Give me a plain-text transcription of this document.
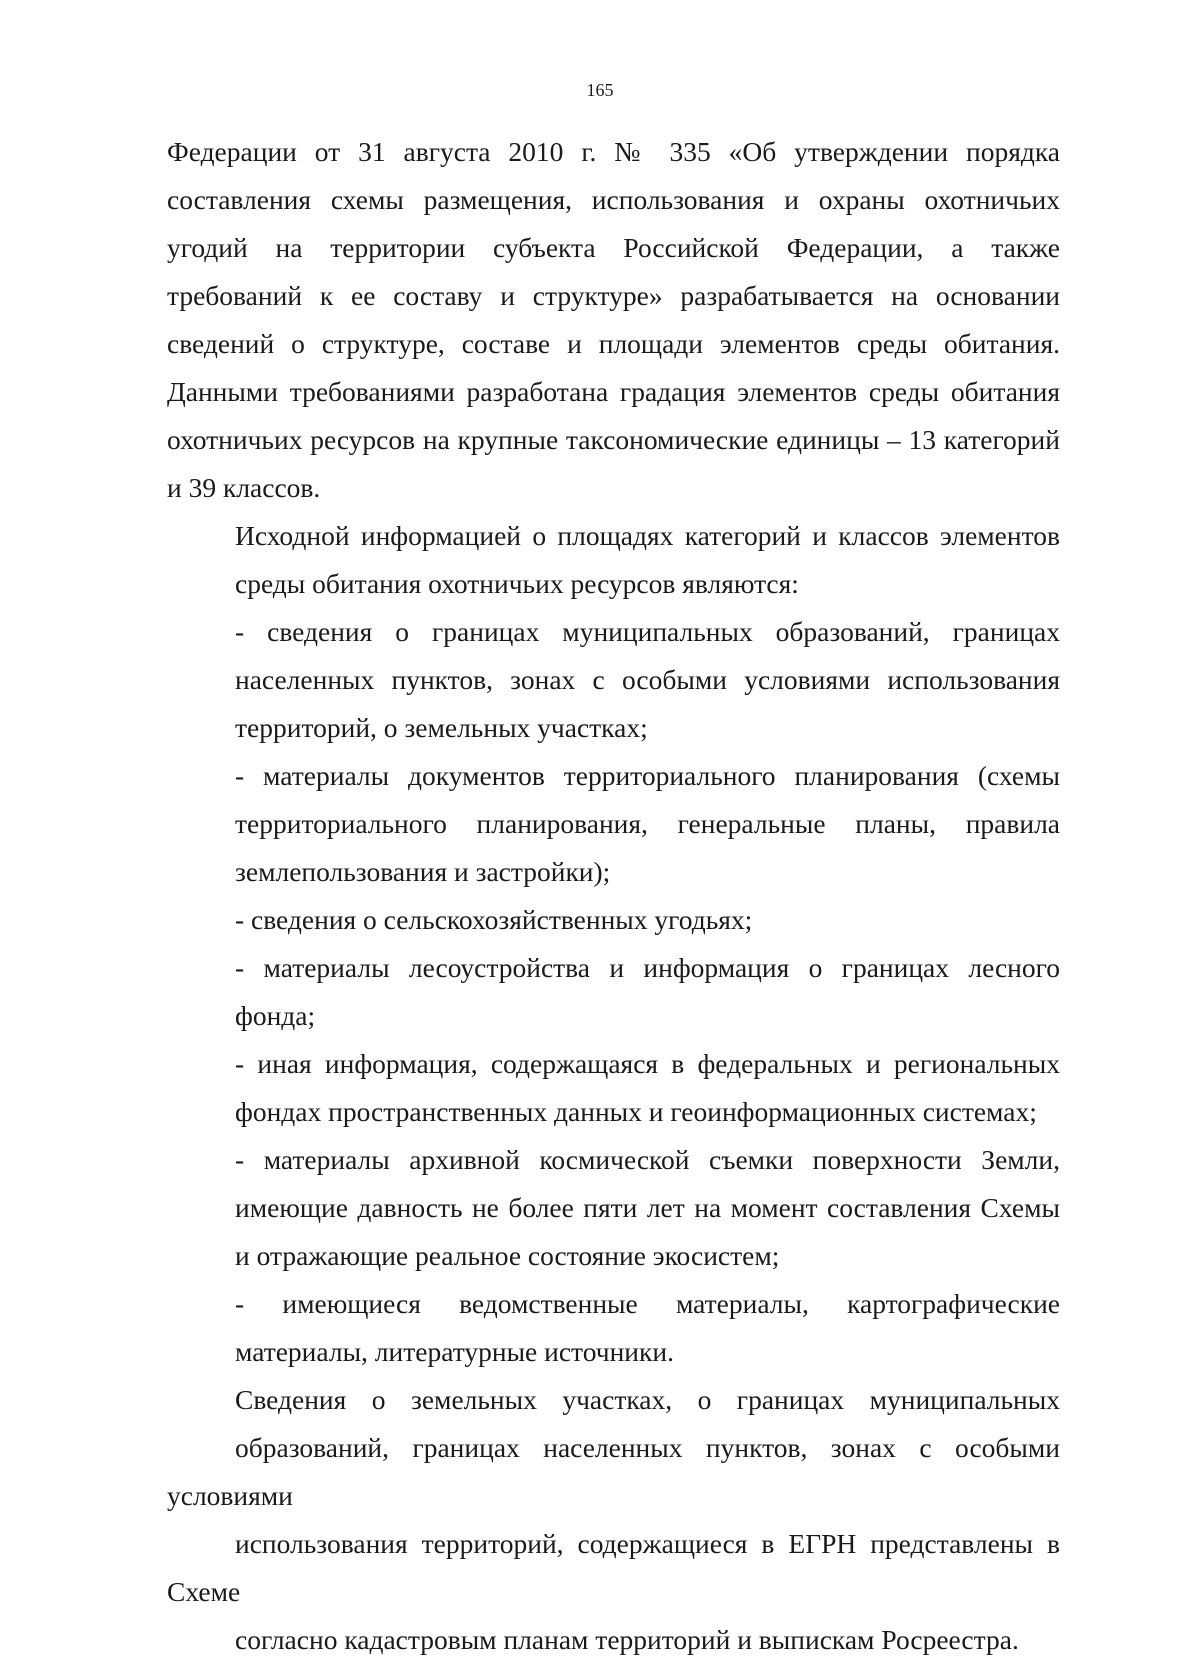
165

Федерации от 31 августа 2010 г. № 335 «Об утверждении порядка
составления схемы размещения, использования и охраны охотничьих
угодий на территории субъекта Российской Федерации, а также
требований к ее составу и структуре» разрабатывается на основании
сведений о структуре, составе и площади элементов среды обитания.
Данными требованиями разработана градация элементов среды обитания
охотничьих ресурсов на крупные таксономические единицы – 13 категорий
и 39 классов.

Исходной информацией о площадях категорий и классов элементов
среды обитания охотничьих ресурсов являются:

- сведения о границах муниципальных образований, границах
населенных пунктов, зонах с особыми условиями использования
территорий, о земельных участках;

- материалы документов территориального планирования (схемы
территориального планирования, генеральные планы, правила
землепользования и застройки);

- сведения о сельскохозяйственных угодьях;

- материалы лесоустройства и информация о границах лесного
фонда;

- иная информация, содержащаяся в федеральных и региональных
фондах пространственных данных и геоинформационных системах;

- материалы архивной космической съемки поверхности Земли,
имеющие давность не более пяти лет на момент составления Схемы
и отражающие реальное состояние экосистем;

- имеющиеся ведомственные материалы, картографические
материалы, литературные источники.

Сведения о земельных участках, о границах муниципальных
образований, границах населенных пунктов, зонах с особыми условиями
использования территорий, содержащиеся в ЕГРН представлены в Схеме
согласно кадастровым планам территорий и выпискам Росреестра.
